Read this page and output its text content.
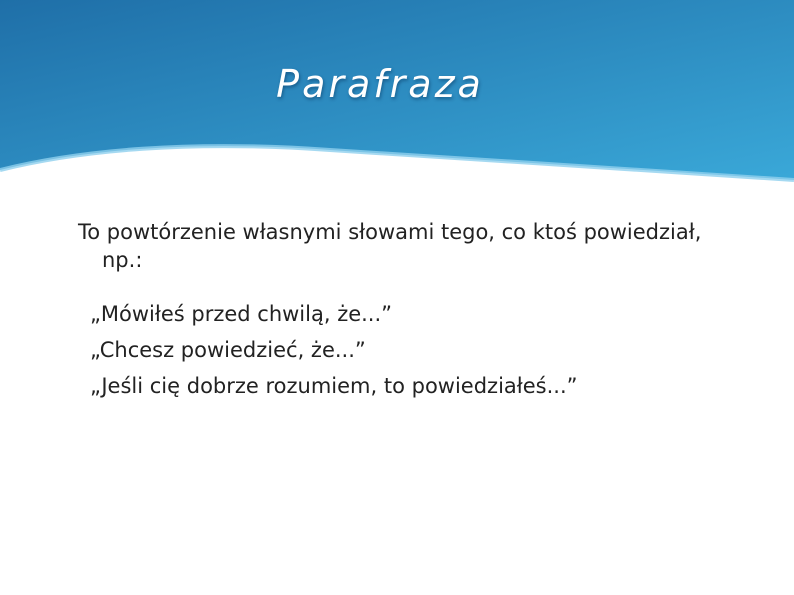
Parafraza

To powtórzenie własnymi słowami tego, co ktoś powiedział, np.:

„Mówiłeś przed chwilą, że...”
„Chcesz powiedzieć, że...”
„Jeśli cię dobrze rozumiem, to powiedziałeś...”
